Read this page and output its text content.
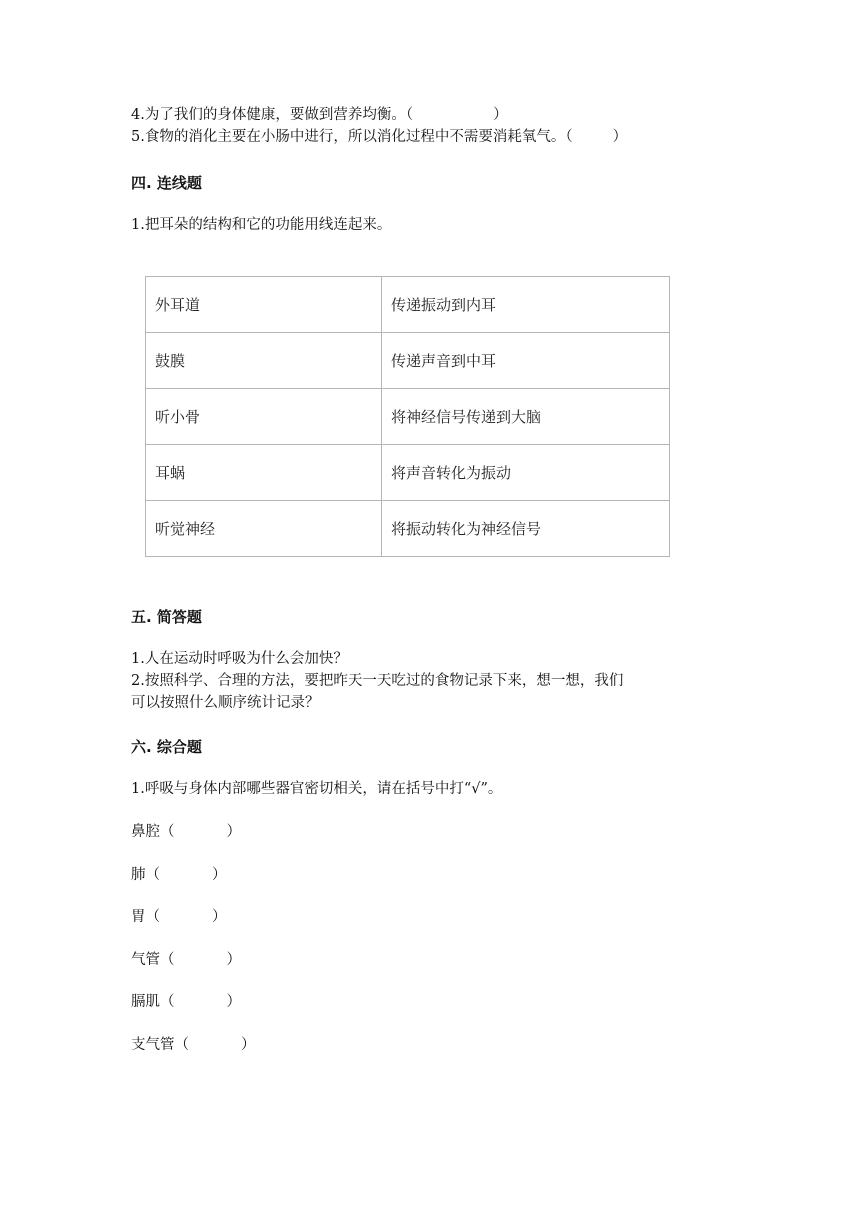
4.为了我们的身体健康，要做到营养均衡。（	）
5.食物的消化主要在小肠中进行，所以消化过程中不需要消耗氧气。（	）
四. 连线题
1.把耳朵的结构和它的功能用线连起来。
外耳道	传递振动到内耳
鼓膜	传递声音到中耳
听小骨	将神经信号传递到大脑
耳蜗	将声音转化为振动
听觉神经	将振动转化为神经信号
五. 简答题
1.人在运动时呼吸为什么会加快？
2.按照科学、合理的方法，要把昨天一天吃过的食物记录下来，想一想，我们
可以按照什么顺序统计记录？
六. 综合题
1.呼吸与身体内部哪些器官密切相关，请在括号中打“√”。
鼻腔（	）
肺（	）
胃（	）
气管（	）
膈肌（	）
支气管（	）
